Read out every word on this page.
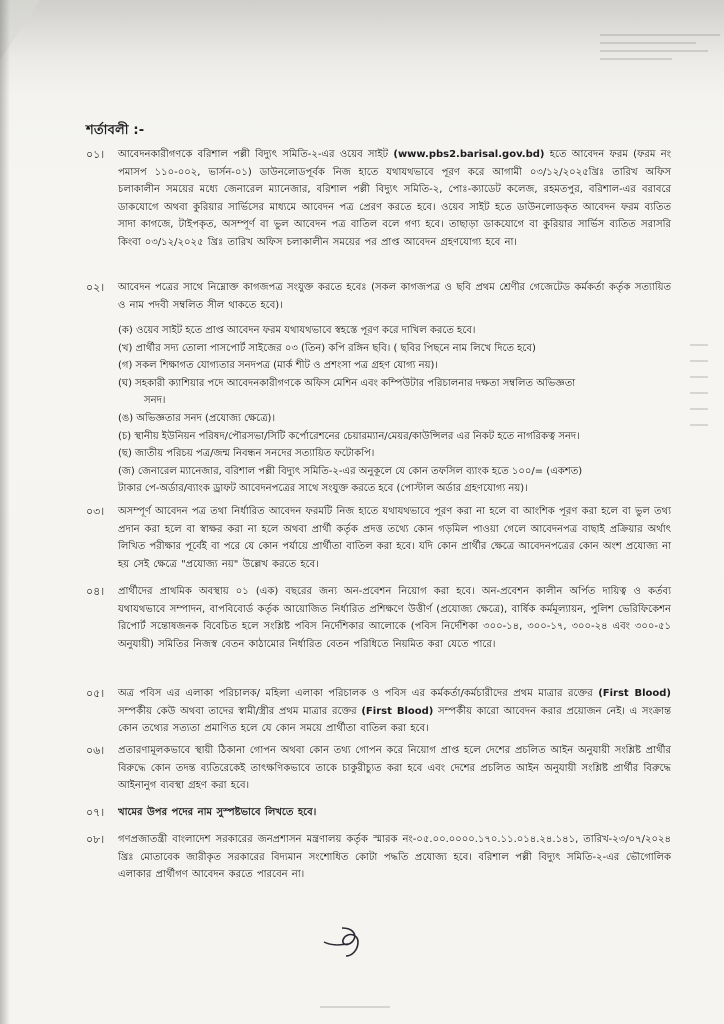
শর্তাবলী :-
০১। আবেদনকারীগণকে বরিশাল পল্লী বিদ্যুৎ সমিতি-২-এর ওয়েব সাইট (www.pbs2.barisal.gov.bd) হতে আবেদন ফরম (ফরম নং পমাসপ ১১০-০০২, ভার্সন-০১) ডাউনলোডপূর্বক নিজ হাতে যথাযথভাবে পূরণ করে আগামী ০৩/১২/২০২৫খ্রিঃ তারিখ অফিস চলাকালীন সময়ের মধ্যে জেনারেল ম্যানেজার, বরিশাল পল্লী বিদ্যুৎ সমিতি-২, পোঃ-ক্যাডেট কলেজ, রহমতপুর, বরিশাল-এর বরাবরে ডাকযোগে অথবা কুরিয়ার সার্ভিসের মাধ্যমে আবেদন পত্র প্রেরণ করতে হবে। ওয়েব সাইট হতে ডাউনলোডকৃত আবেদন ফরম ব্যতিত সাদা কাগজে, টাইপকৃত, অসম্পূর্ণ বা ভুল আবেদন পত্র বাতিল বলে গণ্য হবে। তাছাড়া ডাকযোগে বা কুরিয়ার সার্ভিস ব্যতিত সরাসরি কিংবা ০৩/১২/২০২৫ খ্রিঃ তারিখ অফিস চলাকালীন সময়ের পর প্রাপ্ত আবেদন গ্রহণযোগ্য হবে না।
০২। আবেদন পত্রের সাথে নিম্নোক্ত কাগজপত্র সংযুক্ত করতে হবেঃ (সকল কাগজপত্র ও ছবি প্রথম শ্রেণীর গেজেটেড কর্মকর্তা কর্তৃক সত্যায়িত ও নাম পদবী সম্বলিত সীল থাকতে হবে)।
(ক) ওয়েব সাইট হতে প্রাপ্ত আবেদন ফরম যথাযথভাবে স্বহস্তে পূরণ করে দাখিল করতে হবে।
(খ) প্রার্থীর সদ্য তোলা পাসপোর্ট সাইজের ০৩ (তিন) কপি রঙ্গিন ছবি। ( ছবির পিছনে নাম লিখে দিতে হবে)
(গ) সকল শিক্ষাগত যোগ্যতার সনদপত্র (মার্ক শীট ও প্রশংসা পত্র গ্রহণ যোগ্য নয়)।
(ঘ) সহকারী ক্যাশিয়ার পদে আবেদনকারীগণকে অফিস মেশিন এবং কম্পিউটার পরিচালনার দক্ষতা সম্বলিত অভিজ্ঞতা
সনদ।
(ঙ) অভিজ্ঞতার সনদ (প্রযোজ্য ক্ষেত্রে)।
(চ) স্থানীয় ইউনিয়ন পরিষদ/পৌরসভা/সিটি কর্পোরেশনের চেয়ারম্যান/মেয়র/কাউন্সিলর এর নিকট হতে নাগরিকত্ব সনদ।
(ছ) জাতীয় পরিচয় পত্র/জন্ম নিবন্ধন সনদের সত্যায়িত ফটোকপি।
(জ) জেনারেল ম্যানেজার, বরিশাল পল্লী বিদ্যুৎ সমিতি-২-এর অনুকূলে যে কোন তফসিল ব্যাংক হতে ১০০/= (একশত)
টাকার পে-অর্ডার/ব্যাংক ড্রাফট আবেদনপত্রের সাথে সংযুক্ত করতে হবে (পোস্টাল অর্ডার গ্রহণযোগ্য নয়)।
০৩। অসম্পূর্ণ আবেদন পত্র তথা নির্ধারিত আবেদন ফরমটি নিজ হাতে যথাযথভাবে পূরণ করা না হলে বা আংশিক পূরণ করা হলে বা ভুল তথ্য প্রদান করা হলে বা স্বাক্ষর করা না হলে অথবা প্রার্থী কর্তৃক প্রদত্ত তথ্যে কোন গড়মিল পাওয়া গেলে আবেদনপত্র বাছাই প্রক্রিয়ার অর্থাৎ লিখিত পরীক্ষার পূর্বেই বা পরে যে কোন পর্যায়ে প্রার্থীতা বাতিল করা হবে। যদি কোন প্রার্থীর ক্ষেত্রে আবেদনপত্রের কোন অংশ প্রযোজ্য না হয় সেই ক্ষেত্রে "প্রযোজ্য নয়" উল্লেখ করতে হবে।
০৪। প্রার্থীদের প্রাথমিক অবস্থায় ০১ (এক) বছরের জন্য অন-প্রবেশন নিয়োগ করা হবে। অন-প্রবেশন কালীন অর্পিত দায়িত্ব ও কর্তব্য যথাযথভাবে সম্পাদন, বাপবিবোর্ড কর্তৃক আয়োজিত নির্ধারিত প্রশিক্ষণে উত্তীর্ণ (প্রযোজ্য ক্ষেত্রে), বার্ষিক কর্মমূল্যায়ন, পুলিশ ভেরিফিকেশন রিপোর্ট সন্তোষজনক বিবেচিত হলে সংশ্লিষ্ট পবিস নির্দেশিকার আলোকে (পবিস নির্দেশিকা ৩০০-১৪, ৩০০-১৭, ৩০০-২৪ এবং ৩০০-৫১ অনুযায়ী) সমিতির নিজস্ব বেতন কাঠামোর নির্ধারিত বেতন পরিধিতে নিয়মিত করা যেতে পারে।
০৫। অত্র পবিস এর এলাকা পরিচালক/ মহিলা এলাকা পরিচালক ও পবিস এর কর্মকর্তা/কর্মচারীদের প্রথম মাত্রার রক্তের (First Blood) সম্পর্কীয় কেউ অথবা তাদের স্বামী/স্ত্রীর প্রথম মাত্রার রক্তের (First Blood) সম্পর্কীয় কারো আবেদন করার প্রয়োজন নেই। এ সংক্রান্ত কোন তথ্যের সত্যতা প্রমাণিত হলে যে কোন সময়ে প্রার্থীতা বাতিল করা হবে।
০৬। প্রতারণামূলকভাবে স্থায়ী ঠিকানা গোপন অথবা কোন তথ্য গোপন করে নিয়োগ প্রাপ্ত হলে দেশের প্রচলিত আইন অনুযায়ী সংশ্লিষ্ট প্রার্থীর বিরুদ্ধে কোন তদন্ত ব্যতিরেকেই তাৎক্ষণিকভাবে তাকে চাকুরীচ্যুত করা হবে এবং দেশের প্রচলিত আইন অনুযায়ী সংশ্লিষ্ট প্রার্থীর বিরুদ্ধে আইনানুগ ব্যবস্থা গ্রহণ করা হবে।
০৭। খামের উপর পদের নাম সুস্পষ্টভাবে লিখতে হবে।
০৮। গণপ্রজাতন্ত্রী বাংলাদেশ সরকারের জনপ্রশাসন মন্ত্রণালয় কর্তৃক স্মারক নং-০৫.০০.০০০০.১৭০.১১.০১৪.২৪.১৪১, তারিখ-২৩/০৭/২০২৪ খ্রিঃ মোতাবেক জারীকৃত সরকারের বিদ্যমান সংশোধিত কোটা পদ্ধতি প্রযোজ্য হবে। বরিশাল পল্লী বিদ্যুৎ সমিতি-২-এর ভৌগোলিক এলাকার প্রার্থীগণ আবেদন করতে পারবেন না।
